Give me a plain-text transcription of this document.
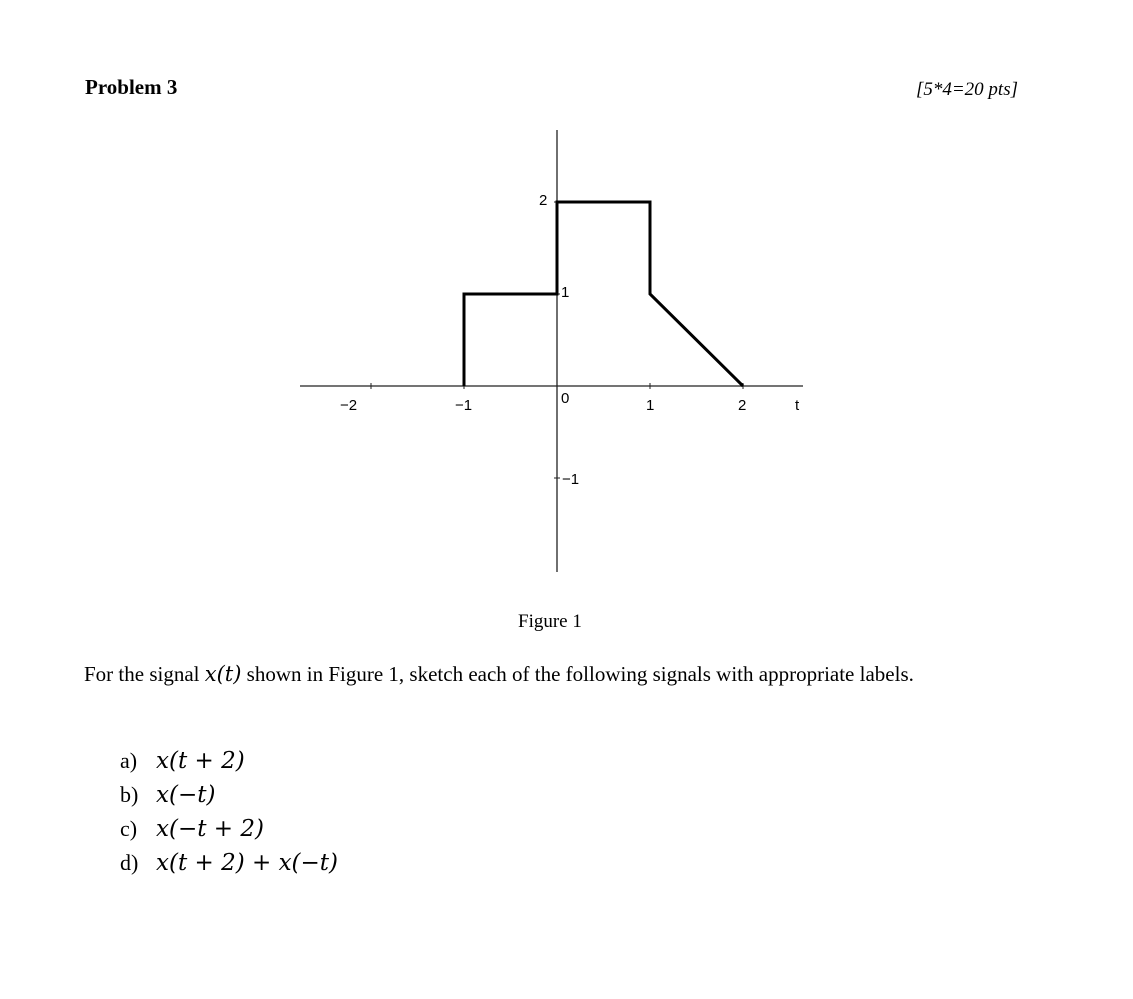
Problem 3	[5*4=20 pts]
−2	−1	0	1	2	t
2
1
−1
Figure 1
For the signal x(t) shown in Figure 1, sketch each of the following signals with appropriate labels.
a) x(t + 2)
b) x(−t)
c) x(−t + 2)
d) x(t + 2) + x(−t)
